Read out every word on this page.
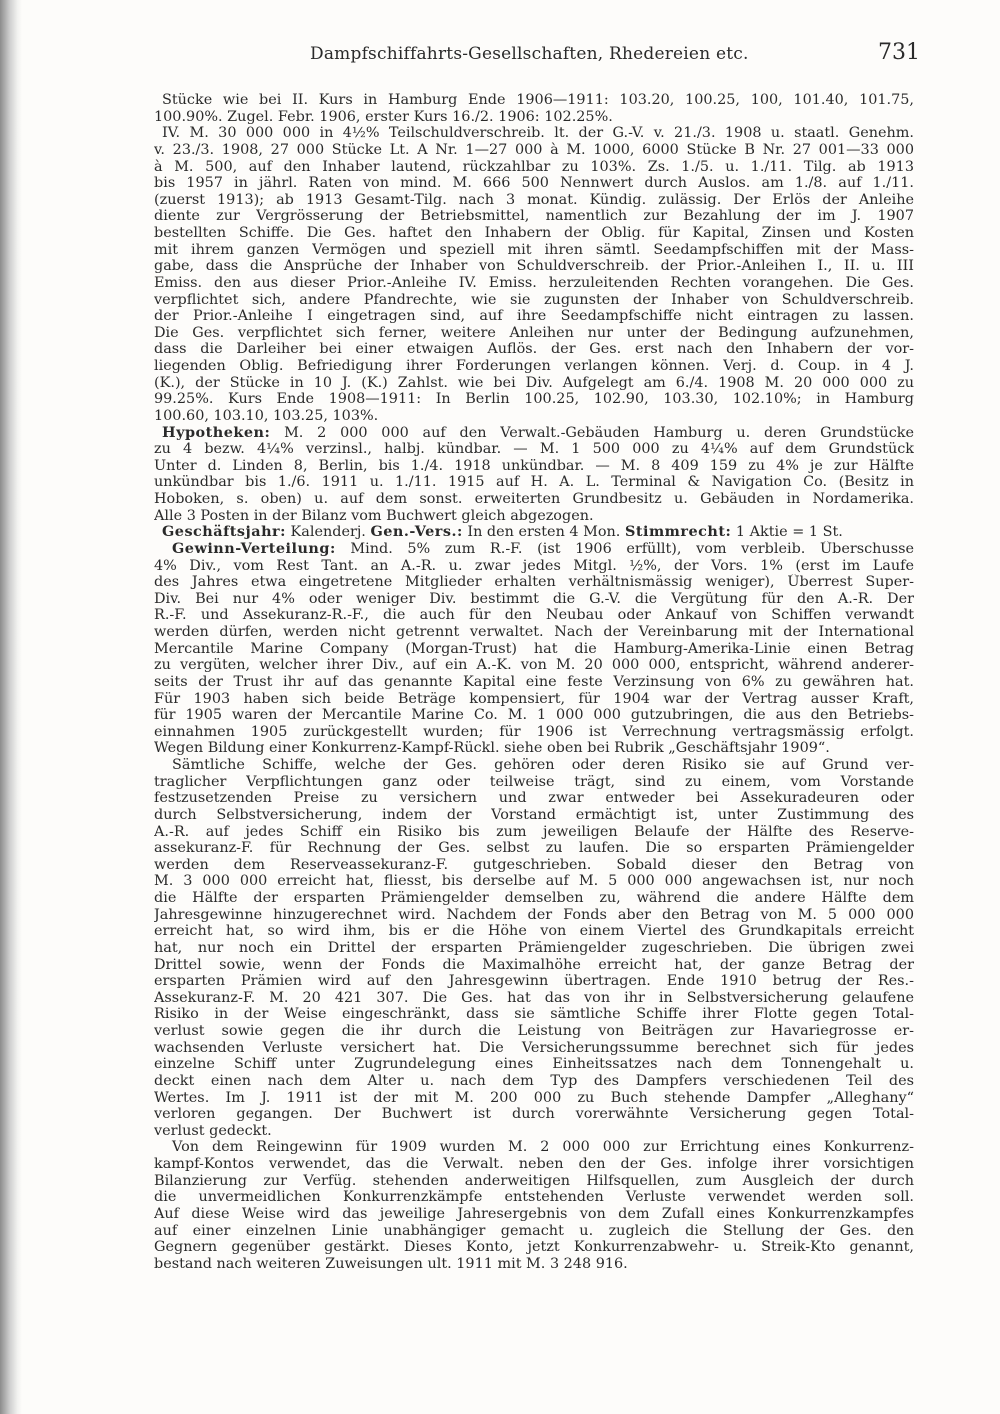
Dampfschiffahrts-Gesellschaften, Rhedereien etc.	731
Stücke wie bei II. Kurs in Hamburg Ende 1906—1911: 103.20, 100.25, 100, 101.40, 101.75,
100.90%. Zugel. Febr. 1906, erster Kurs 16./2. 1906: 102.25%.
IV. M. 30 000 000 in 4½% Teilschuldverschreib. lt. der G.-V. v. 21./3. 1908 u. staatl. Genehm.
v. 23./3. 1908, 27 000 Stücke Lt. A Nr. 1—27 000 à M. 1000, 6000 Stücke B Nr. 27 001—33 000
à M. 500, auf den Inhaber lautend, rückzahlbar zu 103%. Zs. 1./5. u. 1./11. Tilg. ab 1913
bis 1957 in jährl. Raten von mind. M. 666 500 Nennwert durch Auslos. am 1./8. auf 1./11.
(zuerst 1913); ab 1913 Gesamt-Tilg. nach 3 monat. Kündig. zulässig. Der Erlös der Anleihe
diente zur Vergrösserung der Betriebsmittel, namentlich zur Bezahlung der im J. 1907
bestellten Schiffe. Die Ges. haftet den Inhabern der Oblig. für Kapital, Zinsen und Kosten
mit ihrem ganzen Vermögen und speziell mit ihren sämtl. Seedampfschiffen mit der Mass-
gabe, dass die Ansprüche der Inhaber von Schuldverschreib. der Prior.-Anleihen I., II. u. III
Emiss. den aus dieser Prior.-Anleihe IV. Emiss. herzuleitenden Rechten vorangehen. Die Ges.
verpflichtet sich, andere Pfandrechte, wie sie zugunsten der Inhaber von Schuldverschreib.
der Prior.-Anleihe I eingetragen sind, auf ihre Seedampfschiffe nicht eintragen zu lassen.
Die Ges. verpflichtet sich ferner, weitere Anleihen nur unter der Bedingung aufzunehmen,
dass die Darleiher bei einer etwaigen Auflös. der Ges. erst nach den Inhabern der vor-
liegenden Oblig. Befriedigung ihrer Forderungen verlangen können. Verj. d. Coup. in 4 J.
(K.), der Stücke in 10 J. (K.) Zahlst. wie bei Div. Aufgelegt am 6./4. 1908 M. 20 000 000 zu
99.25%. Kurs Ende 1908—1911: In Berlin 100.25, 102.90, 103.30, 102.10%; in Hamburg
100.60, 103.10, 103.25, 103%.
Hypotheken: M. 2 000 000 auf den Verwalt.-Gebäuden Hamburg u. deren Grundstücke
zu 4 bezw. 4¼% verzinsl., halbj. kündbar. — M. 1 500 000 zu 4¼% auf dem Grundstück
Unter d. Linden 8, Berlin, bis 1./4. 1918 unkündbar. — M. 8 409 159 zu 4% je zur Hälfte
unkündbar bis 1./6. 1911 u. 1./11. 1915 auf H. A. L. Terminal & Navigation Co. (Besitz in
Hoboken, s. oben) u. auf dem sonst. erweiterten Grundbesitz u. Gebäuden in Nordamerika.
Alle 3 Posten in der Bilanz vom Buchwert gleich abgezogen.
Geschäftsjahr: Kalenderj. Gen.-Vers.: In den ersten 4 Mon. Stimmrecht: 1 Aktie = 1 St.
Gewinn-Verteilung: Mind. 5% zum R.-F. (ist 1906 erfüllt), vom verbleib. Überschusse
4% Div., vom Rest Tant. an A.-R. u. zwar jedes Mitgl. ½%, der Vors. 1% (erst im Laufe
des Jahres etwa eingetretene Mitglieder erhalten verhältnismässig weniger), Überrest Super-
Div. Bei nur 4% oder weniger Div. bestimmt die G.-V. die Vergütung für den A.-R. Der
R.-F. und Assekuranz-R.-F., die auch für den Neubau oder Ankauf von Schiffen verwandt
werden dürfen, werden nicht getrennt verwaltet. Nach der Vereinbarung mit der International
Mercantile Marine Company (Morgan-Trust) hat die Hamburg-Amerika-Linie einen Betrag
zu vergüten, welcher ihrer Div., auf ein A.-K. von M. 20 000 000, entspricht, während anderer-
seits der Trust ihr auf das genannte Kapital eine feste Verzinsung von 6% zu gewähren hat.
Für 1903 haben sich beide Beträge kompensiert, für 1904 war der Vertrag ausser Kraft,
für 1905 waren der Mercantile Marine Co. M. 1 000 000 gutzubringen, die aus den Betriebs-
einnahmen 1905 zurückgestellt wurden; für 1906 ist Verrechnung vertragsmässig erfolgt.
Wegen Bildung einer Konkurrenz-Kampf-Rückl. siehe oben bei Rubrik „Geschäftsjahr 1909“.
Sämtliche Schiffe, welche der Ges. gehören oder deren Risiko sie auf Grund ver-
traglicher Verpflichtungen ganz oder teilweise trägt, sind zu einem, vom Vorstande
festzusetzenden Preise zu versichern und zwar entweder bei Assekuradeuren oder
durch Selbstversicherung, indem der Vorstand ermächtigt ist, unter Zustimmung des
A.-R. auf jedes Schiff ein Risiko bis zum jeweiligen Belaufe der Hälfte des Reserve-
assekuranz-F. für Rechnung der Ges. selbst zu laufen. Die so ersparten Prämiengelder
werden dem Reserveassekuranz-F. gutgeschrieben. Sobald dieser den Betrag von
M. 3 000 000 erreicht hat, fliesst, bis derselbe auf M. 5 000 000 angewachsen ist, nur noch
die Hälfte der ersparten Prämiengelder demselben zu, während die andere Hälfte dem
Jahresgewinne hinzugerechnet wird. Nachdem der Fonds aber den Betrag von M. 5 000 000
erreicht hat, so wird ihm, bis er die Höhe von einem Viertel des Grundkapitals erreicht
hat, nur noch ein Drittel der ersparten Prämiengelder zugeschrieben. Die übrigen zwei
Drittel sowie, wenn der Fonds die Maximalhöhe erreicht hat, der ganze Betrag der
ersparten Prämien wird auf den Jahresgewinn übertragen. Ende 1910 betrug der Res.-
Assekuranz-F. M. 20 421 307. Die Ges. hat das von ihr in Selbstversicherung gelaufene
Risiko in der Weise eingeschränkt, dass sie sämtliche Schiffe ihrer Flotte gegen Total-
verlust sowie gegen die ihr durch die Leistung von Beiträgen zur Havariegrosse er-
wachsenden Verluste versichert hat. Die Versicherungssumme berechnet sich für jedes
einzelne Schiff unter Zugrundelegung eines Einheitssatzes nach dem Tonnengehalt u.
deckt einen nach dem Alter u. nach dem Typ des Dampfers verschiedenen Teil des
Wertes. Im J. 1911 ist der mit M. 200 000 zu Buch stehende Dampfer „Alleghany“
verloren gegangen. Der Buchwert ist durch vorerwähnte Versicherung gegen Total-
verlust gedeckt.
Von dem Reingewinn für 1909 wurden M. 2 000 000 zur Errichtung eines Konkurrenz-
kampf-Kontos verwendet, das die Verwalt. neben den der Ges. infolge ihrer vorsichtigen
Bilanzierung zur Verfüg. stehenden anderweitigen Hilfsquellen, zum Ausgleich der durch
die unvermeidlichen Konkurrenzkämpfe entstehenden Verluste verwendet werden soll.
Auf diese Weise wird das jeweilige Jahresergebnis von dem Zufall eines Konkurrenzkampfes
auf einer einzelnen Linie unabhängiger gemacht u. zugleich die Stellung der Ges. den
Gegnern gegenüber gestärkt. Dieses Konto, jetzt Konkurrenzabwehr- u. Streik-Kto genannt,
bestand nach weiteren Zuweisungen ult. 1911 mit M. 3 248 916.
